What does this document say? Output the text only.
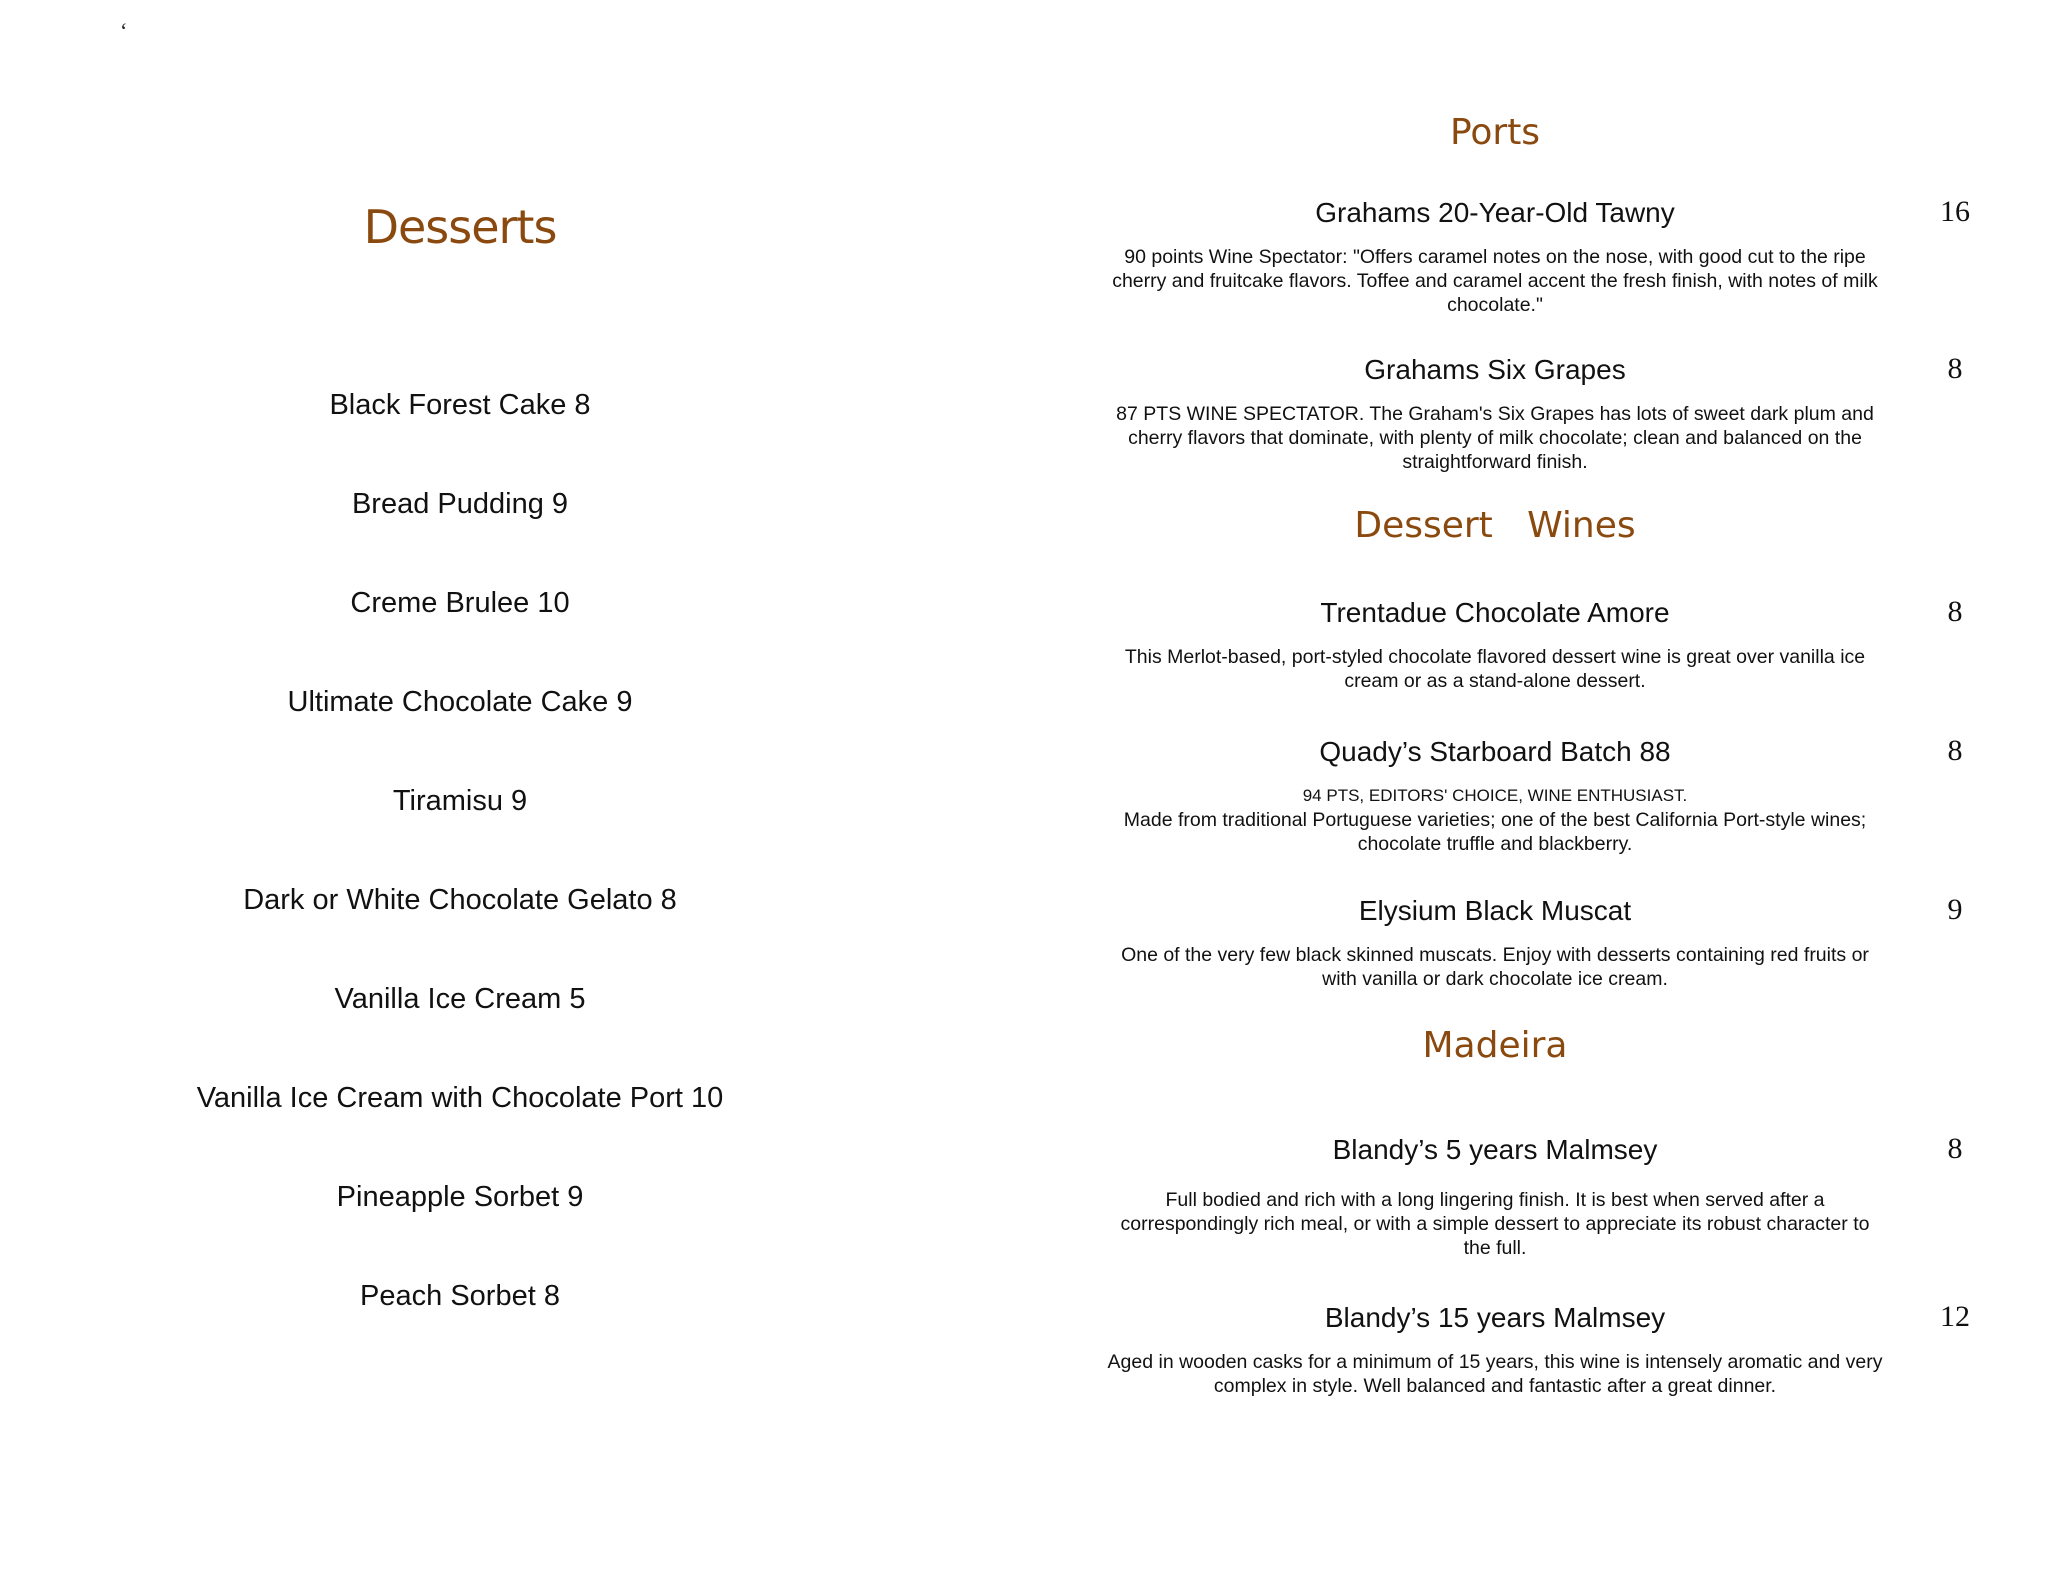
‘
Desserts
Black Forest Cake 8
Bread Pudding 9
Creme Brulee 10
Ultimate Chocolate Cake 9
Tiramisu 9
Dark or White Chocolate Gelato 8
Vanilla Ice Cream 5
Vanilla Ice Cream with Chocolate Port 10
Pineapple Sorbet 9
Peach Sorbet 8
Ports
Grahams 20-Year-Old Tawny	16
90 points Wine Spectator: "Offers caramel notes on the nose, with good cut to the ripe cherry and fruitcake flavors. Toffee and caramel accent the fresh finish, with notes of milk chocolate."
Grahams Six Grapes	8
87 PTS WINE SPECTATOR. The Graham's Six Grapes has lots of sweet dark plum and cherry flavors that dominate, with plenty of milk chocolate; clean and balanced on the straightforward finish.
Dessert   Wines
Trentadue Chocolate Amore	8
This Merlot-based, port-styled chocolate flavored dessert wine is great over vanilla ice cream or as a stand-alone dessert.
Quady’s Starboard Batch 88	8
94 PTS, EDITORS' CHOICE, WINE ENTHUSIAST.
Made from traditional Portuguese varieties; one of the best California Port-style wines; chocolate truffle and blackberry.
Elysium Black Muscat	9
One of the very few black skinned muscats. Enjoy with desserts containing red fruits or with vanilla or dark chocolate ice cream.
Madeira
Blandy’s 5 years Malmsey	8
Full bodied and rich with a long lingering finish. It is best when served after a correspondingly rich meal, or with a simple dessert to appreciate its robust character to the full.
Blandy’s 15 years Malmsey	12
Aged in wooden casks for a minimum of 15 years, this wine is intensely aromatic and very complex in style. Well balanced and fantastic after a great dinner.
